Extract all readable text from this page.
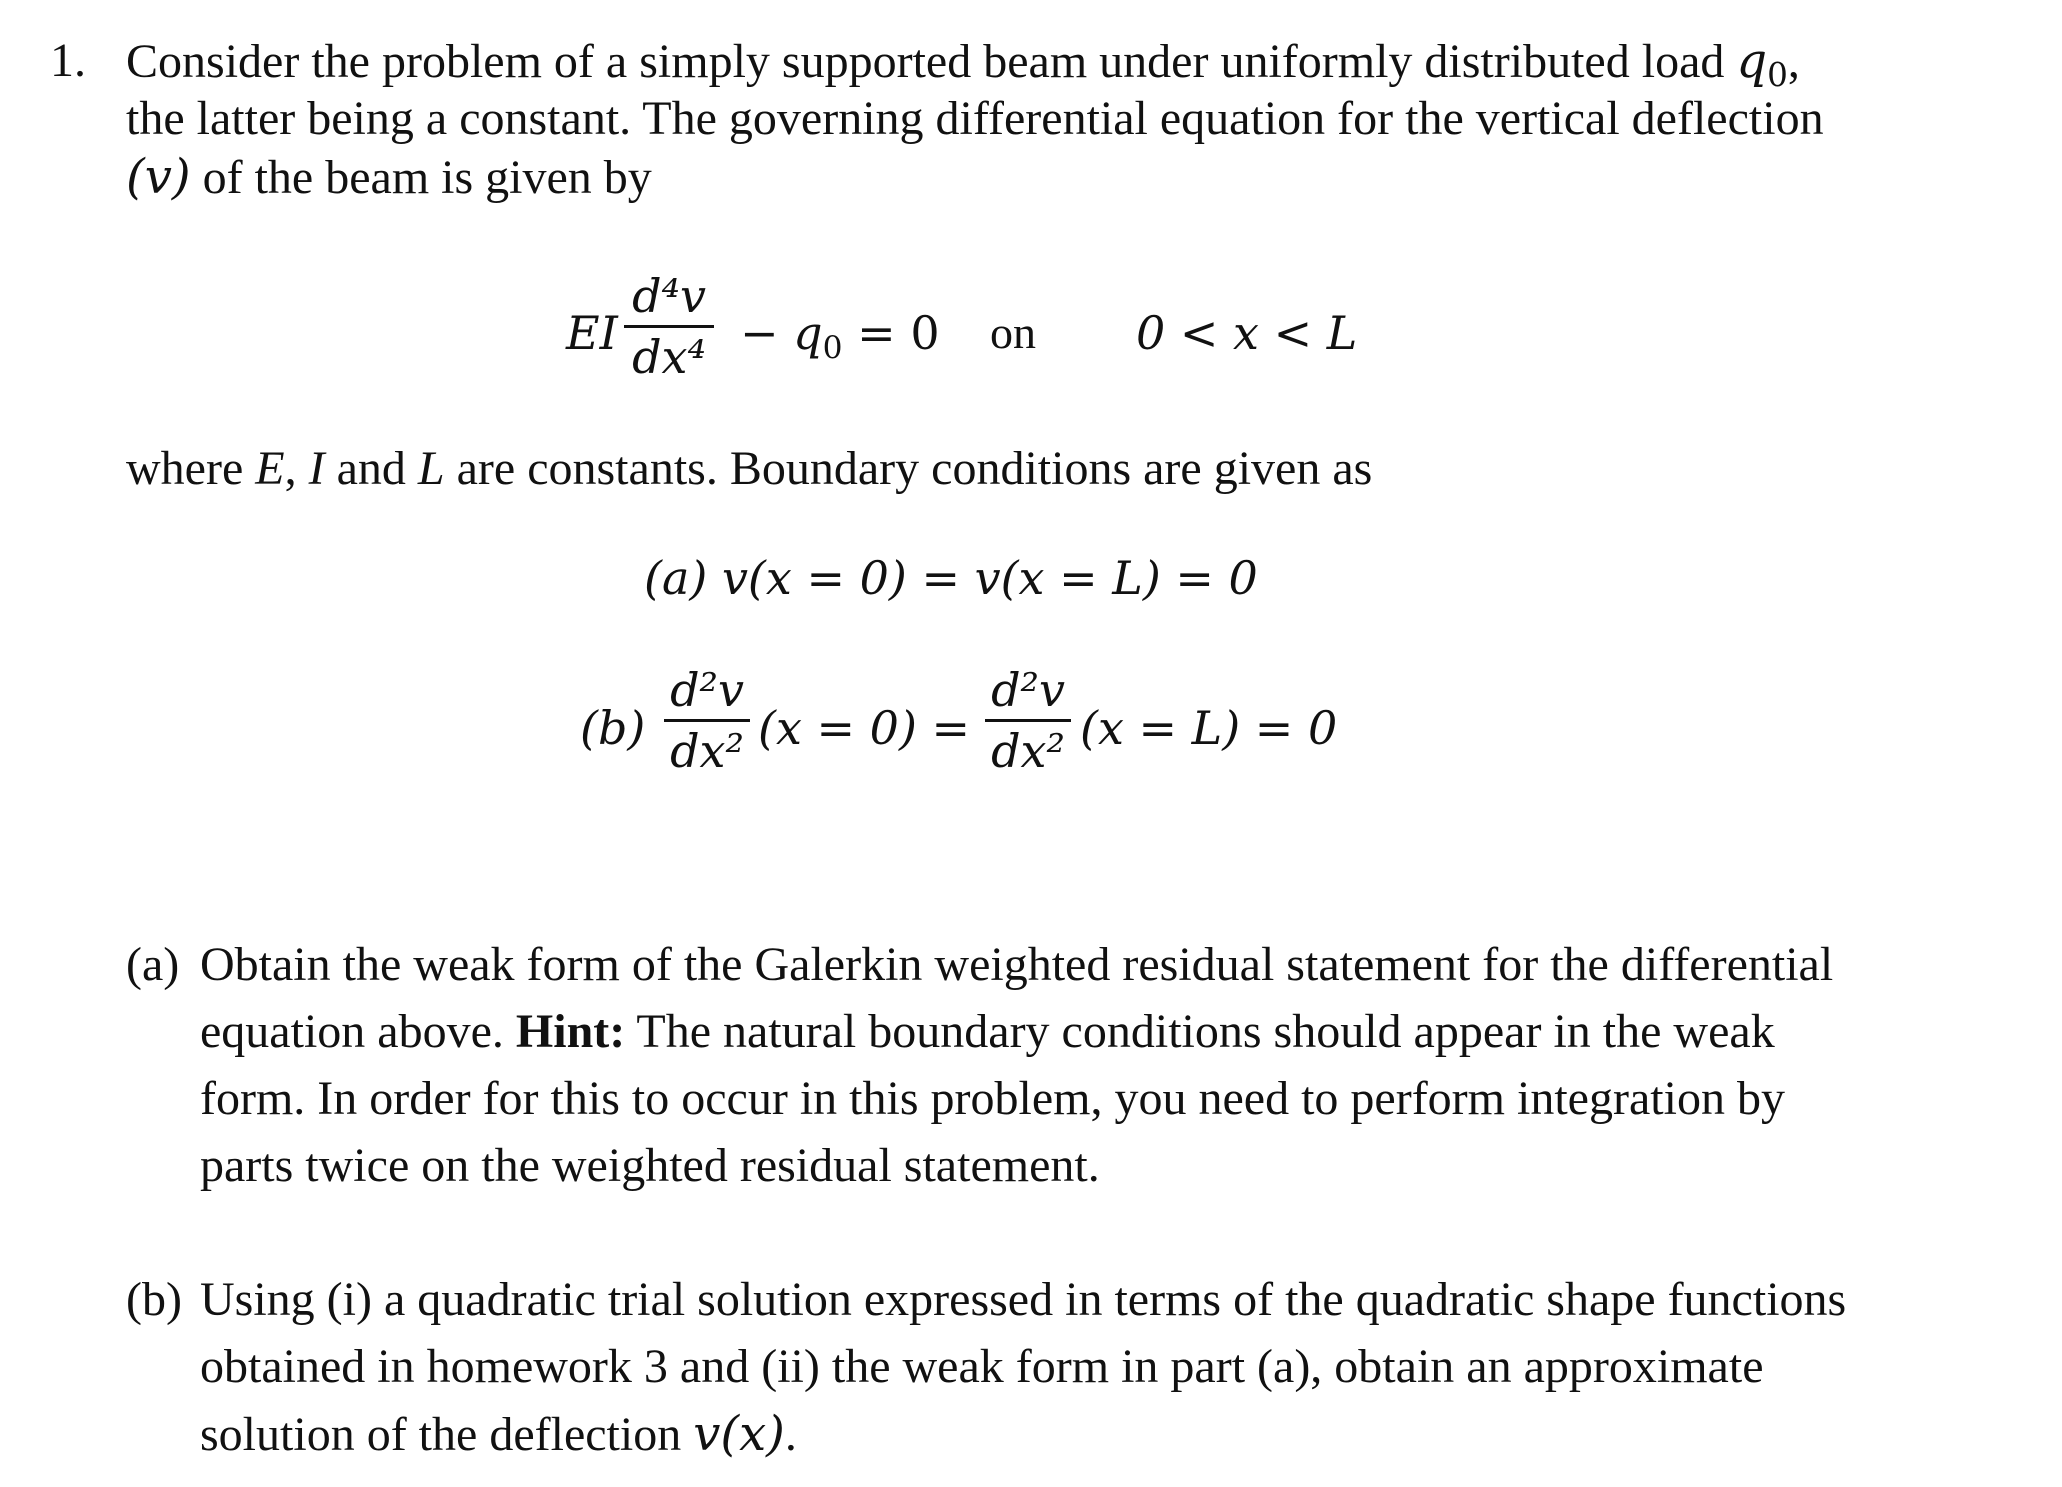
1. Consider the problem of a simply supported beam under uniformly distributed load $q_0$,
the latter being a constant. The governing differential equation for the vertical deflection
(v) of the beam is given by
EI
d⁴v
$dx^4 - q_0 = 0$ on 0 < x < L
where E, I and L are constants. Boundary conditions are given as
(a) v(x = 0) = v(x = L) = 0
(b)
d²v
dx² (x = 0) =
d²v
dx² (x = L) = 0
(a) Obtain the weak form of the Galerkin weighted residual statement for the differential
equation above. Hint: The natural boundary conditions should appear in the weak
form. In order for this to occur in this problem, you need to perform integration by
parts twice on the weighted residual statement.
(b) Using (i) a quadratic trial solution expressed in terms of the quadratic shape functions
obtained in homework 3 and (ii) the weak form in part (a), obtain an approximate
solution of the deflection v(x).
